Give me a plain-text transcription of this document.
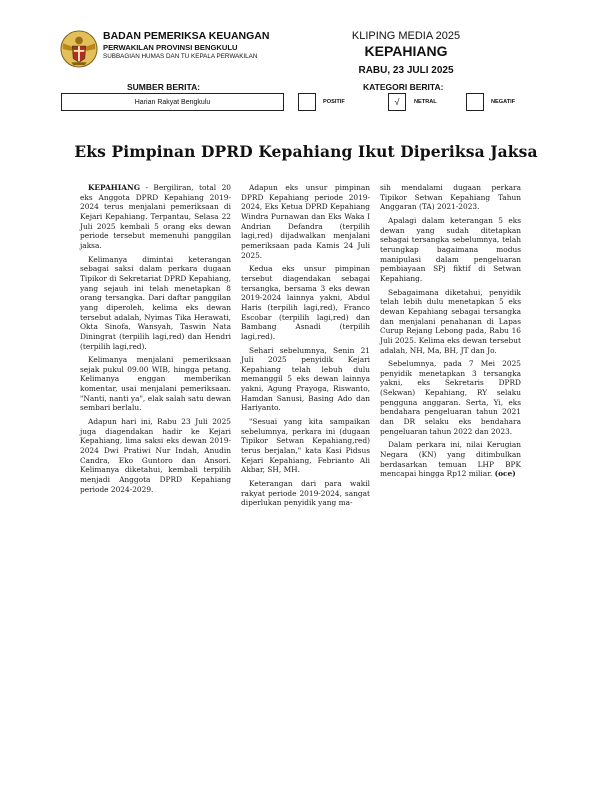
BADAN PEMERIKSA KEUANGAN
PERWAKILAN PROVINSI BENGKULU
SUBBAGIAN HUMAS DAN TU KEPALA PERWAKILAN
KLIPING MEDIA 2025
KEPAHIANG
RABU, 23 JULI 2025
SUMBER BERITA:	KATEGORI BERITA:
Harian Rakyat Bengkulu	POSITIF	√	NETRAL	NEGATIF
Eks Pimpinan DPRD Kepahiang Ikut Diperiksa Jaksa

KEPAHIANG - Bergiliran, total 20 eks Anggota DPRD Kepahiang 2019-2024 terus menjalani pemeriksaan di Kejari Kepahiang. Terpantau, Selasa 22 Juli 2025 kembali 5 orang eks dewan periode tersebut memenuhi panggilan jaksa.

Kelimanya dimintai keterangan sebagai saksi dalam perkara dugaan Tipikor di Sekretariat DPRD Kepahiang, yang sejauh ini telah menetapkan 8 orang tersangka. Dari daftar panggilan yang diperoleh, kelima eks dewan tersebut adalah, Nyimas Tika Herawati, Okta Sinofa, Wansyah, Taswin Nata Diningrat (terpilih lagi,red) dan Hendri (terpilih lagi,red).

Kelimanya menjalani pemeriksaan sejak pukul 09.00 WIB, hingga petang. Kelimanya enggan memberikan komentar, usai menjalani pemeriksaan. "Nanti, nanti ya", elak salah satu dewan sembari berlalu.

Adapun hari ini, Rabu 23 Juli 2025 juga diagendakan hadir ke Kejari Kepahiang, lima saksi eks dewan 2019-2024 Dwi Pratiwi Nur Indah, Anudin Candra, Eko Guntoro dan Ansori. Kelimanya diketahui, kembali terpilih menjadi Anggota DPRD Kepahiang periode 2024-2029.

Adapun eks unsur pimpinan DPRD Kepahiang periode 2019-2024, Eks Ketua DPRD Kepahiang Windra Purnawan dan Eks Waka I Andrian Defandra (terpilih lagi,red) dijadwalkan menjalani pemeriksaan pada Kamis 24 Juli 2025.

Kedua eks unsur pimpinan tersebut diagendakan sebagai tersangka, bersama 3 eks dewan 2019-2024 lainnya yakni, Abdul Haris (terpilih lagi,red), Franco Escobar (terpilih lagi,red) dan Bambang Asnadi (terpilih lagi,red).

Sehari sebelumnya, Senin 21 Juli 2025 penyidik Kejari Kepahiang telah lebuh dulu memanggil 5 eks dewan lainnya yakni, Agung Prayoga, Riswanto, Hamdan Sanusi, Basing Ado dan Hariyanto.

"Sesuai yang kita sampaikan sebelumnya, perkara ini (dugaan Tipikor Setwan Kepahiang,red) terus berjalan," kata Kasi Pidsus Kejari Kepahiang, Febrianto Ali Akbar, SH, MH.

Keterangan dari para wakil rakyat periode 2019-2024, sangat diperlukan penyidik yang ma-

sih mendalami dugaan perkara Tipikor Setwan Kepahiang Tahun Anggaran (TA) 2021-2023.

Apalagi dalam keterangan 5 eks dewan yang sudah ditetapkan sebagai tersangka sebelumnya, telah terungkap bagaimana modus manipulasi dalam pengeluaran pembiayaan SPj fiktif di Setwan Kepahiang.

Sebagaimana diketahui, penyidik telah lebih dulu menetapkan 5 eks dewan Kepahiang sebagai tersangka dan menjalani penahanan di Lapas Curup Rejang Lebong pada, Rabu 16 Juli 2025. Kelima eks dewan tersebut adalah, NH, Ma, BH, JT dan Jo.

Sebelumnya, pada 7 Mei 2025 penyidik menetapkan 3 tersangka yakni, eks Sekretaris DPRD (Sekwan) Kepahiang, RY selaku pengguna anggaran. Serta, Yi, eks bendahara pengeluaran tahun 2021 dan DR selaku eks bendahara pengeluaran tahun 2022 dan 2023.

Dalam perkara ini, nilai Kerugian Negara (KN) yang ditimbulkan berdasarkan temuan LHP BPK mencapai hingga Rp12 miliar. (oce)
